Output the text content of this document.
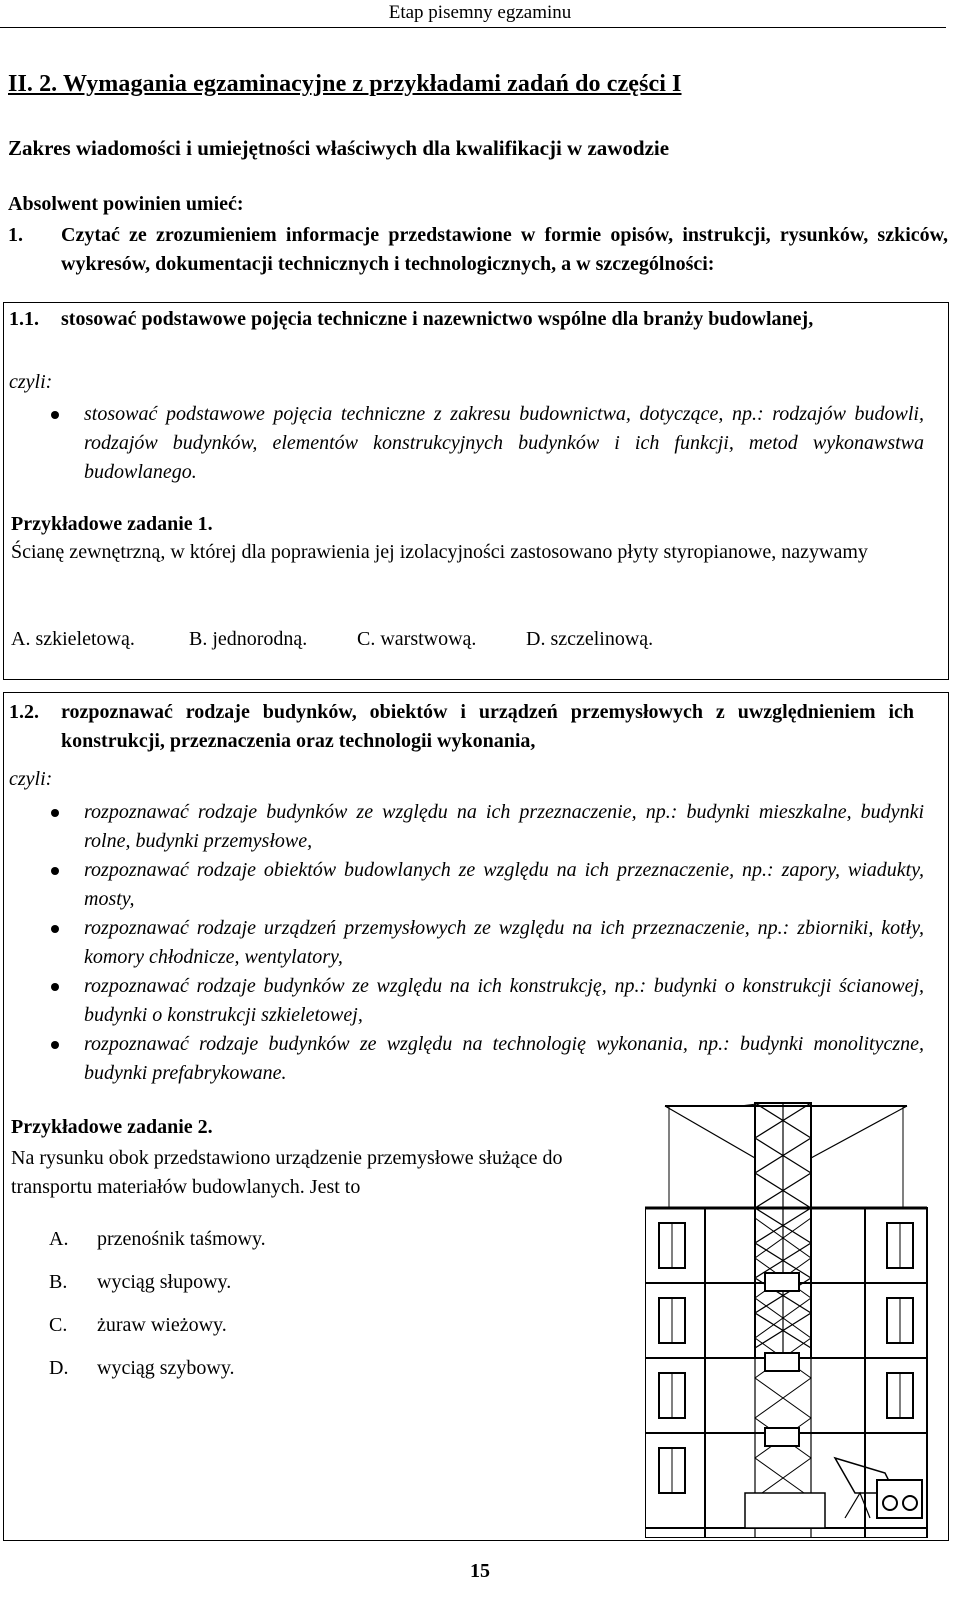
Etap pisemny egzaminu
II. 2. Wymagania egzaminacyjne z przykładami zadań do części I
Zakres wiadomości i umiejętności właściwych dla kwalifikacji w zawodzie
Absolwent powinien umieć:
1. Czytać ze zrozumieniem informacje przedstawione w formie opisów, instrukcji, rysunków, szkiców, wykresów, dokumentacji technicznych i technologicznych, a w szczególności:
1.1. stosować podstawowe pojęcia techniczne i nazewnictwo wspólne dla branży budowlanej,
czyli:
stosować podstawowe pojęcia techniczne z zakresu budownictwa, dotyczące, np.: rodzajów budowli, rodzajów budynków, elementów konstrukcyjnych budynków i ich funkcji, metod wykonawstwa budowlanego.
Przykładowe zadanie 1.
Ścianę zewnętrzną, w której dla poprawienia jej izolacyjności zastosowano płyty styropianowe, nazywamy
A. szkieletową.	B. jednorodną. C. warstwową. D. szczelinową.
1.2. rozpoznawać rodzaje budynków, obiektów i urządzeń przemysłowych z uwzględnieniem ich konstrukcji, przeznaczenia oraz technologii wykonania,
czyli:
rozpoznawać rodzaje budynków ze względu na ich przeznaczenie, np.: budynki mieszkalne, budynki rolne, budynki przemysłowe,
rozpoznawać rodzaje obiektów budowlanych ze względu na ich przeznaczenie, np.: zapory, wiadukty, mosty,
rozpoznawać rodzaje urządzeń przemysłowych ze względu na ich przeznaczenie, np.: zbiorniki, kotły, komory chłodnicze, wentylatory,
rozpoznawać rodzaje budynków ze względu na ich konstrukcję, np.: budynki o konstrukcji ścianowej, budynki o konstrukcji szkieletowej,
rozpoznawać rodzaje budynków ze względu na technologię wykonania, np.: budynki monolityczne, budynki prefabrykowane.
Przykładowe zadanie 2.
Na rysunku obok przedstawiono urządzenie przemysłowe służące do transportu materiałów budowlanych. Jest to
A. przenośnik taśmowy.
B. wyciąg słupowy.
C. żuraw wieżowy.
D. wyciąg szybowy.
15
